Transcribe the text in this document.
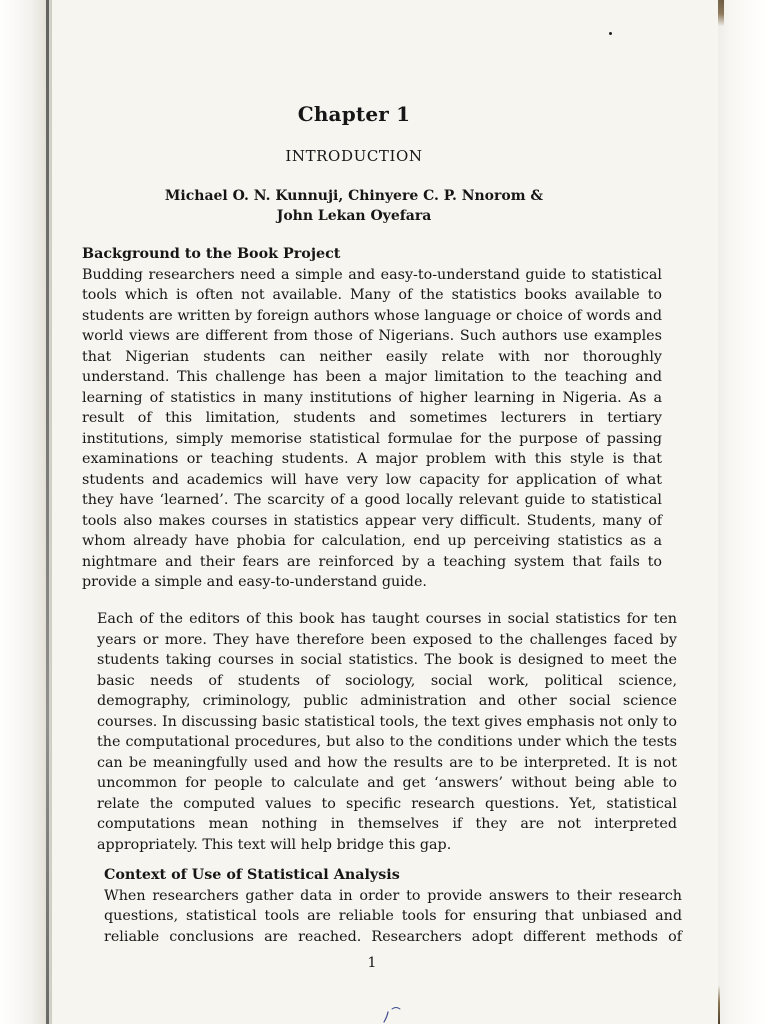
Chapter 1
INTRODUCTION
Michael O. N. Kunnuji, Chinyere C. P. Nnorom &
John Lekan Oyefara
Background to the Book Project
Budding researchers need a simple and easy-to-understand guide to statistical
tools which is often not available. Many of the statistics books available to
students are written by foreign authors whose language or choice of words and
world views are different from those of Nigerians. Such authors use examples
that Nigerian students can neither easily relate with nor thoroughly
understand. This challenge has been a major limitation to the teaching and
learning of statistics in many institutions of higher learning in Nigeria. As a
result of this limitation, students and sometimes lecturers in tertiary
institutions, simply memorise statistical formulae for the purpose of passing
examinations or teaching students. A major problem with this style is that
students and academics will have very low capacity for application of what
they have ‘learned’. The scarcity of a good locally relevant guide to statistical
tools also makes courses in statistics appear very difficult. Students, many of
whom already have phobia for calculation, end up perceiving statistics as a
nightmare and their fears are reinforced by a teaching system that fails to
provide a simple and easy-to-understand guide.
Each of the editors of this book has taught courses in social statistics for ten
years or more. They have therefore been exposed to the challenges faced by
students taking courses in social statistics. The book is designed to meet the
basic needs of students of sociology, social work, political science,
demography, criminology, public administration and other social science
courses. In discussing basic statistical tools, the text gives emphasis not only to
the computational procedures, but also to the conditions under which the tests
can be meaningfully used and how the results are to be interpreted. It is not
uncommon for people to calculate and get ‘answers’ without being able to
relate the computed values to specific research questions. Yet, statistical
computations mean nothing in themselves if they are not interpreted
appropriately. This text will help bridge this gap.
Context of Use of Statistical Analysis
When researchers gather data in order to provide answers to their research
questions, statistical tools are reliable tools for ensuring that unbiased and
reliable conclusions are reached. Researchers adopt different methods of
1
